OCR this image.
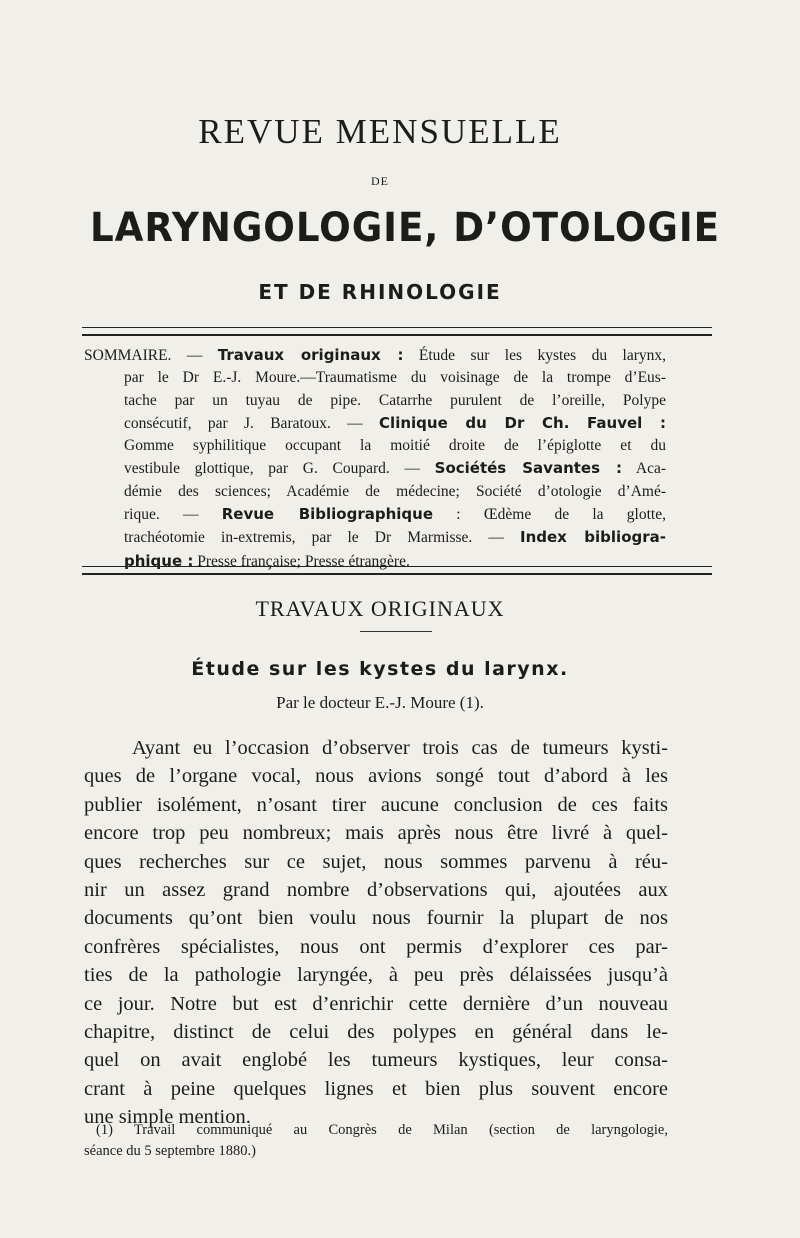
REVUE MENSUELLE
DE
LARYNGOLOGIE, D’OTOLOGIE
ET DE RHINOLOGIE
SOMMAIRE. — Travaux originaux : Étude sur les kystes du larynx,
par le Dr E.-J. Moure.—Traumatisme du voisinage de la trompe d’Eus-
tache par un tuyau de pipe. Catarrhe purulent de l’oreille, Polype
consécutif, par J. Baratoux. — Clinique du Dr Ch. Fauvel :
Gomme syphilitique occupant la moitié droite de l’épiglotte et du
vestibule glottique, par G. Coupard. — Sociétés Savantes : Aca-
démie des sciences; Académie de médecine; Société d’otologie d’Amé-
rique. — Revue Bibliographique : Œdème de la glotte,
trachéotomie in-extremis, par le Dr Marmisse. — Index bibliogra-
phique : Presse française; Presse étrangère.
TRAVAUX ORIGINAUX
Étude sur les kystes du larynx.
Par le docteur E.-J. Moure (1).
Ayant eu l’occasion d’observer trois cas de tumeurs kysti-
ques de l’organe vocal, nous avions songé tout d’abord à les
publier isolément, n’osant tirer aucune conclusion de ces faits
encore trop peu nombreux; mais après nous être livré à quel-
ques recherches sur ce sujet, nous sommes parvenu à réu-
nir un assez grand nombre d’observations qui, ajoutées aux
documents qu’ont bien voulu nous fournir la plupart de nos
confrères spécialistes, nous ont permis d’explorer ces par-
ties de la pathologie laryngée, à peu près délaissées jusqu’à
ce jour. Notre but est d’enrichir cette dernière d’un nouveau
chapitre, distinct de celui des polypes en général dans le-
quel on avait englobé les tumeurs kystiques, leur consa-
crant à peine quelques lignes et bien plus souvent encore
une simple mention.
(1) Travail communiqué au Congrès de Milan (section de laryngologie,
séance du 5 septembre 1880.)
